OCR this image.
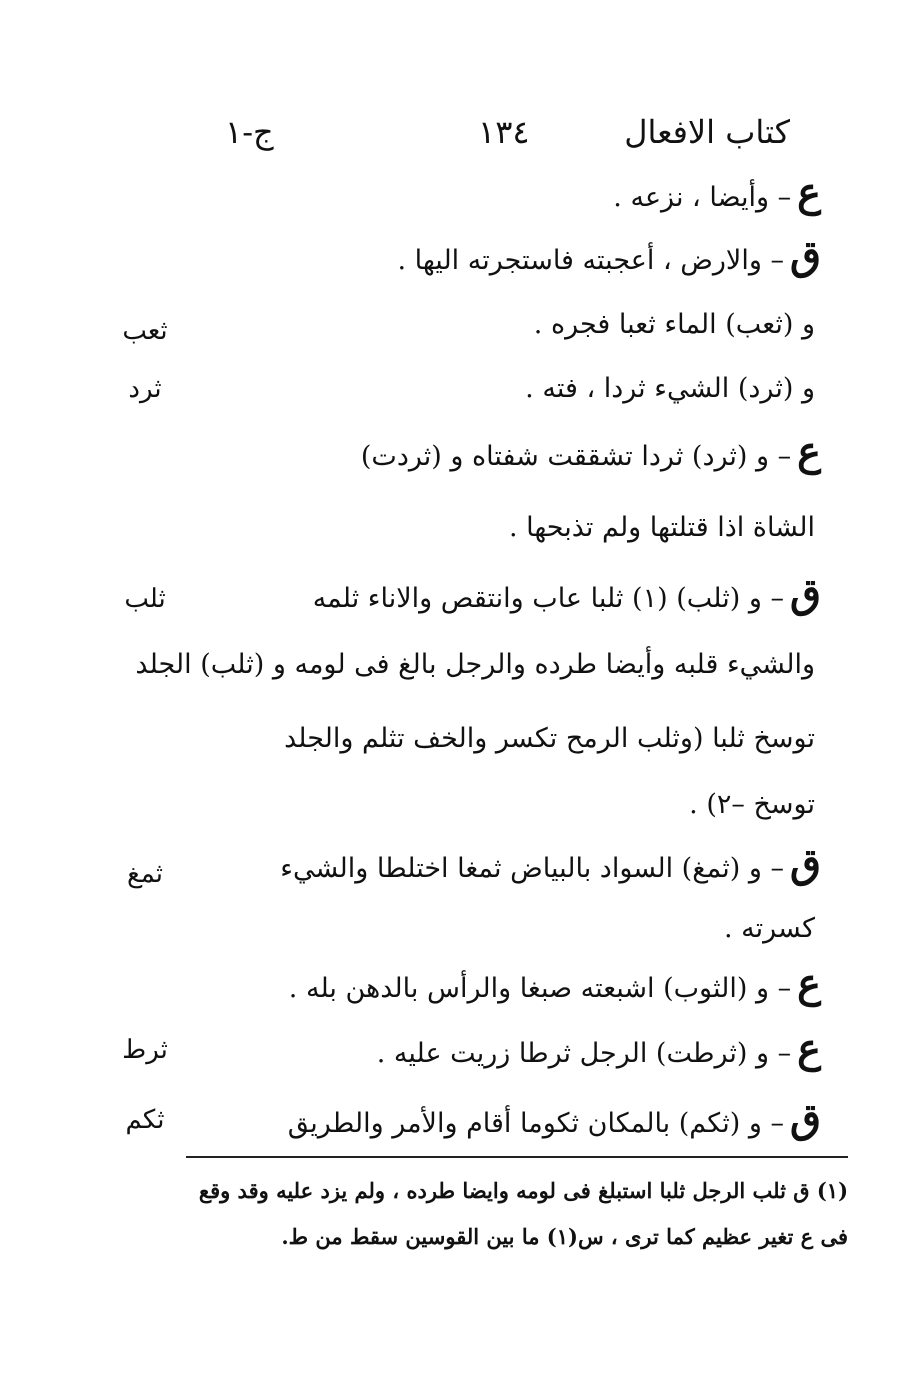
كتاب الافعال
١٣٤
ج-١
ع– وأيضا ، نزعه .
ق– والارض ، أعجبته فاستجرته اليها .
و (ثعب) الماء ثعبا فجره .
و (ثرد) الشيء ثردا ، فته .
ع– و (ثرد) ثردا تشققت شفتاه و (ثردت)
الشاة اذا قتلتها ولم تذبحها .
ق– و (ثلب) (١) ثلبا عاب وانتقص والاناء ثلمه
والشيء قلبه وأيضا طرده والرجل بالغ فى لومه و (ثلب) الجلد
توسخ ثلبا (وثلب الرمح تكسر والخف تثلم والجلد
توسخ –٢) .
ق– و (ثمغ) السواد بالبياض ثمغا اختلطا والشيء
كسرته .
ع– و (الثوب) اشبعته صبغا والرأس بالدهن بله .
ع– و (ثرطت) الرجل ثرطا زريت عليه .
ق– و (ثكم) بالمكان ثكوما أقام والأمر والطريق
ثعب
ثرد
ثلب
ثمغ
ثرط
ثكم
(١) ق ثلب الرجل ثلبا استبلغ فى لومه وايضا طرده ، ولم يزد عليه وقد وقع
فى ع تغير عظيم كما ترى ، س(١) ما بين القوسين سقط من ط.
